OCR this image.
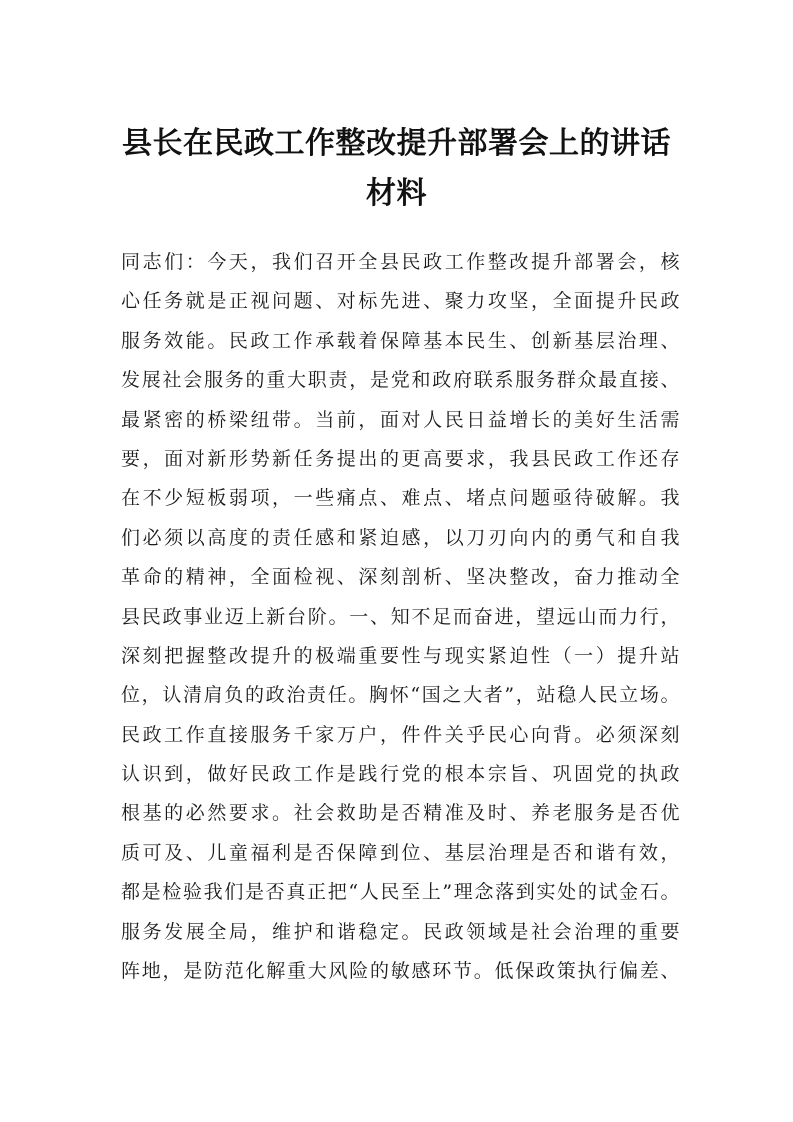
县长在民政工作整改提升部署会上的讲话
材料
同志们：今天，我们召开全县民政工作整改提升部署会，核
心任务就是正视问题、对标先进、聚力攻坚，全面提升民政
服务效能。民政工作承载着保障基本民生、创新基层治理、
发展社会服务的重大职责，是党和政府联系服务群众最直接、
最紧密的桥梁纽带。当前，面对人民日益增长的美好生活需
要，面对新形势新任务提出的更高要求，我县民政工作还存
在不少短板弱项，一些痛点、难点、堵点问题亟待破解。我
们必须以高度的责任感和紧迫感，以刀刃向内的勇气和自我
革命的精神，全面检视、深刻剖析、坚决整改，奋力推动全
县民政事业迈上新台阶。一、知不足而奋进，望远山而力行，
深刻把握整改提升的极端重要性与现实紧迫性（一）提升站
位，认清肩负的政治责任。胸怀“国之大者”，站稳人民立场。
民政工作直接服务千家万户，件件关乎民心向背。必须深刻
认识到，做好民政工作是践行党的根本宗旨、巩固党的执政
根基的必然要求。社会救助是否精准及时、养老服务是否优
质可及、儿童福利是否保障到位、基层治理是否和谐有效，
都是检验我们是否真正把“人民至上”理念落到实处的试金石。
服务发展全局，维护和谐稳定。民政领域是社会治理的重要
阵地，是防范化解重大风险的敏感环节。低保政策执行偏差、
